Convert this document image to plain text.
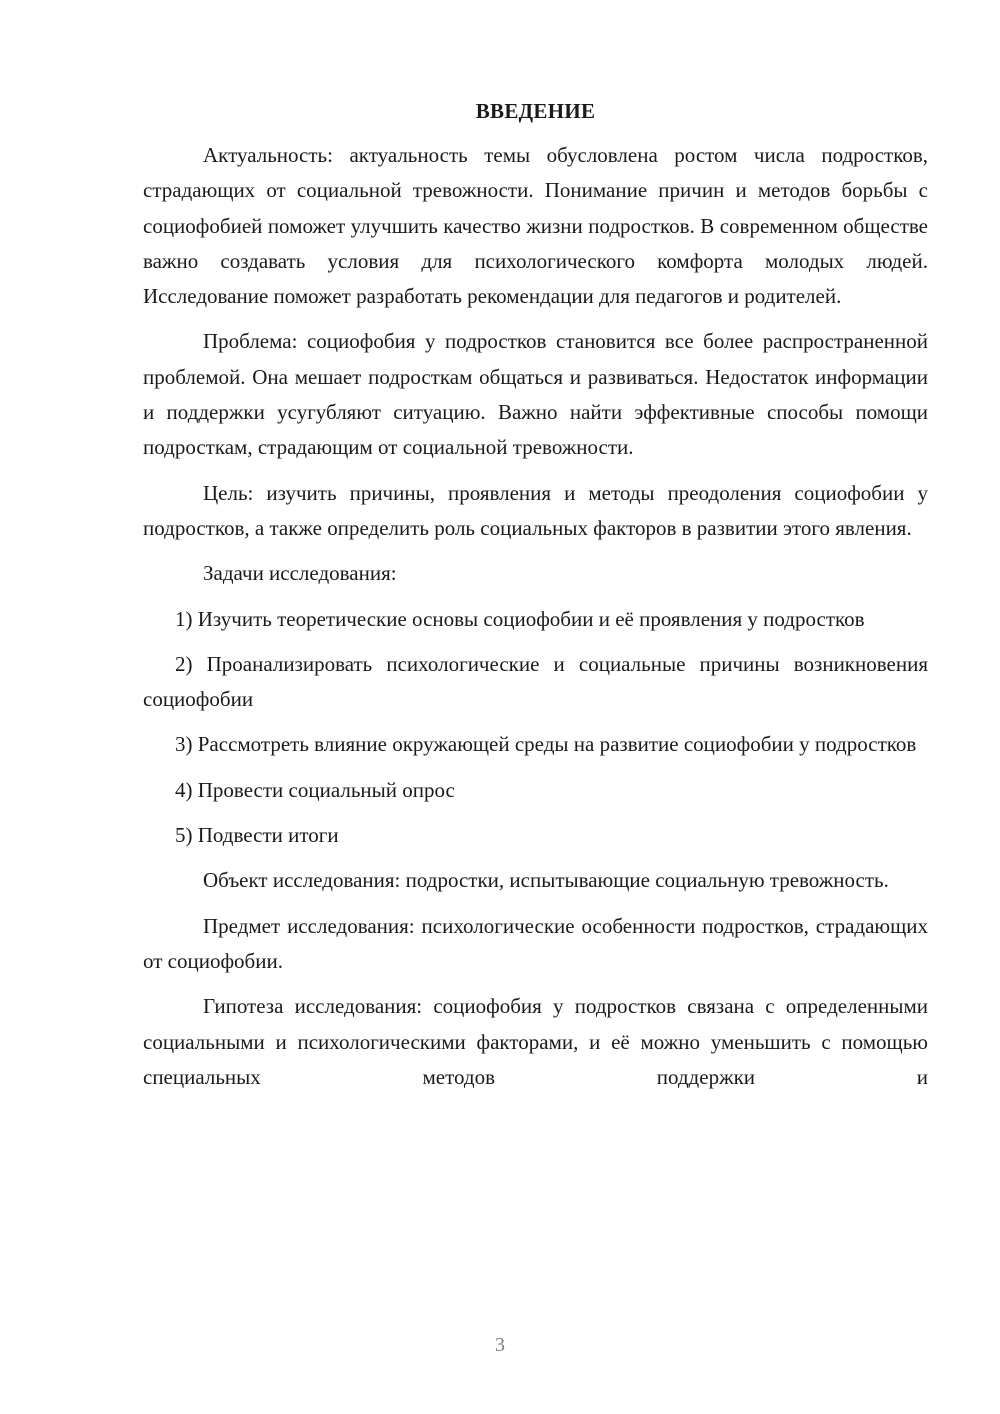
ВВЕДЕНИЕ

Актуальность: актуальность темы обусловлена ростом числа подростков, страдающих от социальной тревожности. Понимание причин и методов борьбы с социофобией поможет улучшить качество жизни подростков. В современном обществе важно создавать условия для психологического комфорта молодых людей. Исследование поможет разработать рекомендации для педагогов и родителей.

Проблема: социофобия у подростков становится все более распространенной проблемой. Она мешает подросткам общаться и развиваться. Недостаток информации и поддержки усугубляют ситуацию. Важно найти эффективные способы помощи подросткам, страдающим от социальной тревожности.

Цель: изучить причины, проявления и методы преодоления социофобии у подростков, а также определить роль социальных факторов в развитии этого явления.

Задачи исследования:

1) Изучить теоретические основы социофобии и её проявления у подростков

2) Проанализировать психологические и социальные причины возникновения социофобии

3) Рассмотреть влияние окружающей среды на развитие социофобии у подростков

4) Провести социальный опрос

5) Подвести итоги

Объект исследования: подростки, испытывающие социальную тревожность.

Предмет исследования: психологические особенности подростков, страдающих от социофобии.

Гипотеза исследования: социофобия у подростков связана с определенными социальными и психологическими факторами, и её можно уменьшить с помощью специальных методов поддержки и

3
